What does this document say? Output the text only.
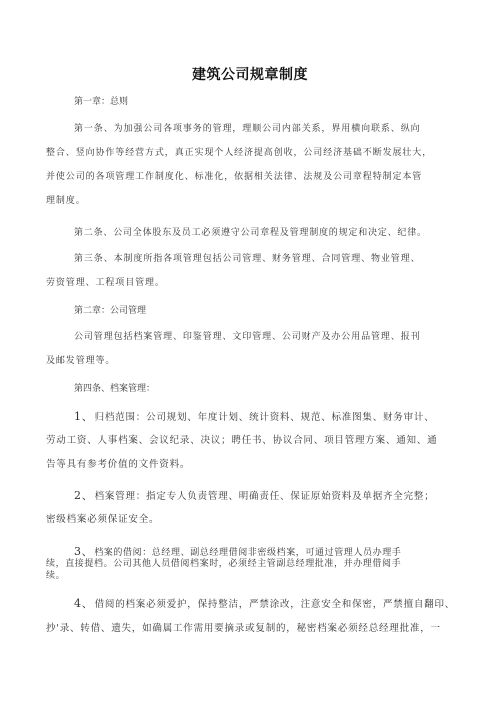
建筑公司规章制度
第一章：总则
第一条、为加强公司各项事务的管理，理顺公司内部关系，界用横向联系、纵向
整合、竖向协作等经营方式，真正实现个人经济提高创收，公司经济基础不断发展壮大，
并使公司的各项管理工作制度化、标准化，依据相关法律、法规及公司章程特制定本管
理制度。
第二条、公司全体股东及员工必须遵守公司章程及管理制度的规定和决定、纪律。
第三条、本制度所指各项管理包括公司管理、财务管理、合同管理、物业管理、
劳资管理、工程项目管理。
第二章：公司管理
公司管理包括档案管理、印鉴管理、文印管理、公司财产及办公用品管理、报刊
及邮发管理等。
第四条、档案管理：
1、归档范围：公司规划、年度计划、统计资料、规范、标准图集、财务审计、
劳动工资、人事档案、会议纪录、决议；聘任书、协议合同、项目管理方案、通知、通
告等具有参考价值的文件资料。
2、档案管理：指定专人负责管理、明确责任、保证原始资料及单据齐全完整；
密级档案必须保证安全。
3、档案的借阅：总经理、副总经理借阅非密级档案，可通过管理人员办理手
续，直接提档。公司其他人员借阅档案时，必须经主管副总经理批准，并办理借阅手
续。
4、借阅的档案必须爱护，保持整洁，严禁涂改，注意安全和保密，严禁擅自翻印、
抄'录、转借、遗失，如确属工作需用要摘录或复制的，秘密档案必须经总经理批准，一
